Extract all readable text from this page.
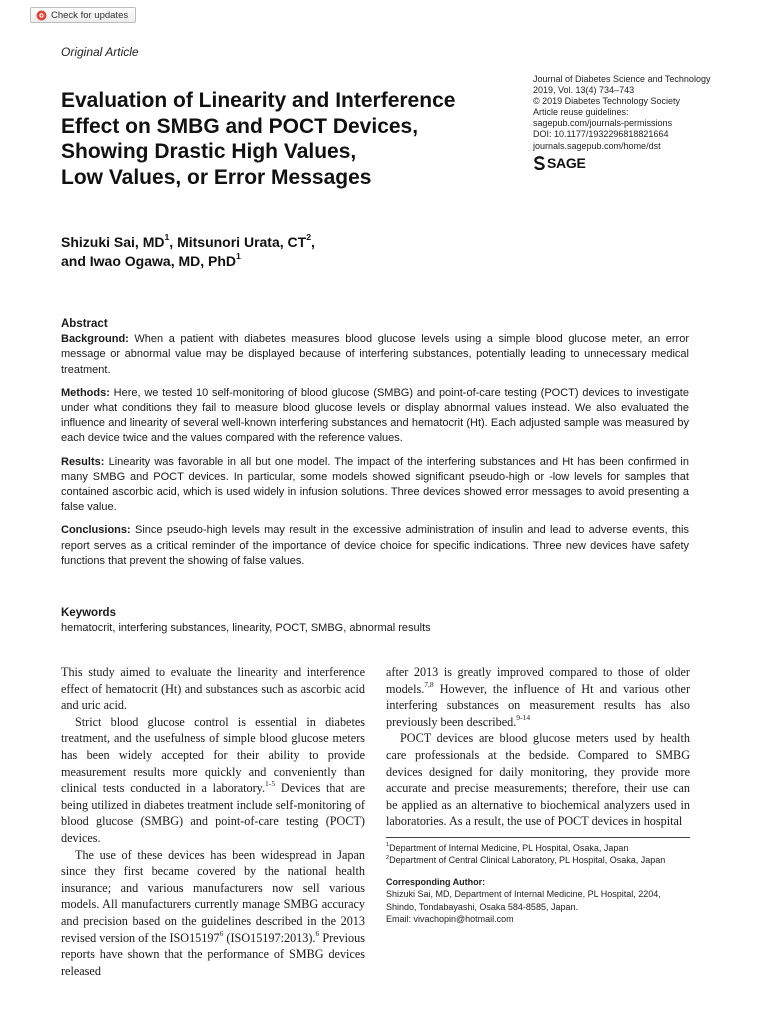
Check for updates
Original Article
Evaluation of Linearity and Interference
Effect on SMBG and POCT Devices,
Showing Drastic High Values,
Low Values, or Error Messages
Journal of Diabetes Science and Technology
2019, Vol. 13(4) 734–743
© 2019 Diabetes Technology Society
Article reuse guidelines:
sagepub.com/journals-permissions
DOI: 10.1177/1932296818821664
journals.sagepub.com/home/dst
SAGE
Shizuki Sai, $MD^1$, Mitsunori Urata, $CT^2$,
and Iwao Ogawa, MD, PhD$^1$
Abstract

Background: When a patient with diabetes measures blood glucose levels using a simple blood glucose meter, an error message or abnormal value may be displayed because of interfering substances, potentially leading to unnecessary medical treatment.

Methods: Here, we tested 10 self-monitoring of blood glucose (SMBG) and point-of-care testing (POCT) devices to investigate under what conditions they fail to measure blood glucose levels or display abnormal values instead. We also evaluated the influence and linearity of several well-known interfering substances and hematocrit (Ht). Each adjusted sample was measured by each device twice and the values compared with the reference values.

Results: Linearity was favorable in all but one model. The impact of the interfering substances and Ht has been confirmed in many SMBG and POCT devices. In particular, some models showed significant pseudo-high or -low levels for samples that contained ascorbic acid, which is used widely in infusion solutions. Three devices showed error messages to avoid presenting a false value.

Conclusions: Since pseudo-high levels may result in the excessive administration of insulin and lead to adverse events, this report serves as a critical reminder of the importance of device choice for specific indications. Three new devices have safety functions that prevent the showing of false values.

Keywords
hematocrit, interfering substances, linearity, POCT, SMBG, abnormal results

This study aimed to evaluate the linearity and interference effect of hematocrit (Ht) and substances such as ascorbic acid and uric acid.

Strict blood glucose control is essential in diabetes treatment, and the usefulness of simple blood glucose meters has been widely accepted for their ability to provide measurement results more quickly and conveniently than clinical tests conducted in a laboratory.$^{1-5}$ Devices that are being utilized in diabetes treatment include self-monitoring of blood glucose (SMBG) and point-of-care testing (POCT) devices.

The use of these devices has been widespread in Japan since they first became covered by the national health insurance; and various manufacturers now sell various models. All manufacturers currently manage SMBG accuracy and precision based on the guidelines described in the 2013 revised version of the ISO15197$^6$ (ISO15197:2013).$^6$ Previous reports have shown that the performance of SMBG devices released

after 2013 is greatly improved compared to those of older models.$^{7,8}$ However, the influence of Ht and various other interfering substances on measurement results has also previously been described.$^{9-14}$

POCT devices are blood glucose meters used by health care professionals at the bedside. Compared to SMBG devices designed for daily monitoring, they provide more accurate and precise measurements; therefore, their use can be applied as an alternative to biochemical analyzers used in laboratories. As a result, the use of POCT devices in hospital

$^1$Department of Internal Medicine, PL Hospital, Osaka, Japan
$^2$Department of Central Clinical Laboratory, PL Hospital, Osaka, Japan
Corresponding Author:
Shizuki Sai, MD, Department of Internal Medicine, PL Hospital, 2204,
Shindo, Tondabayashi, Osaka 584-8585, Japan.
Email: vivachopin@hotmail.com
